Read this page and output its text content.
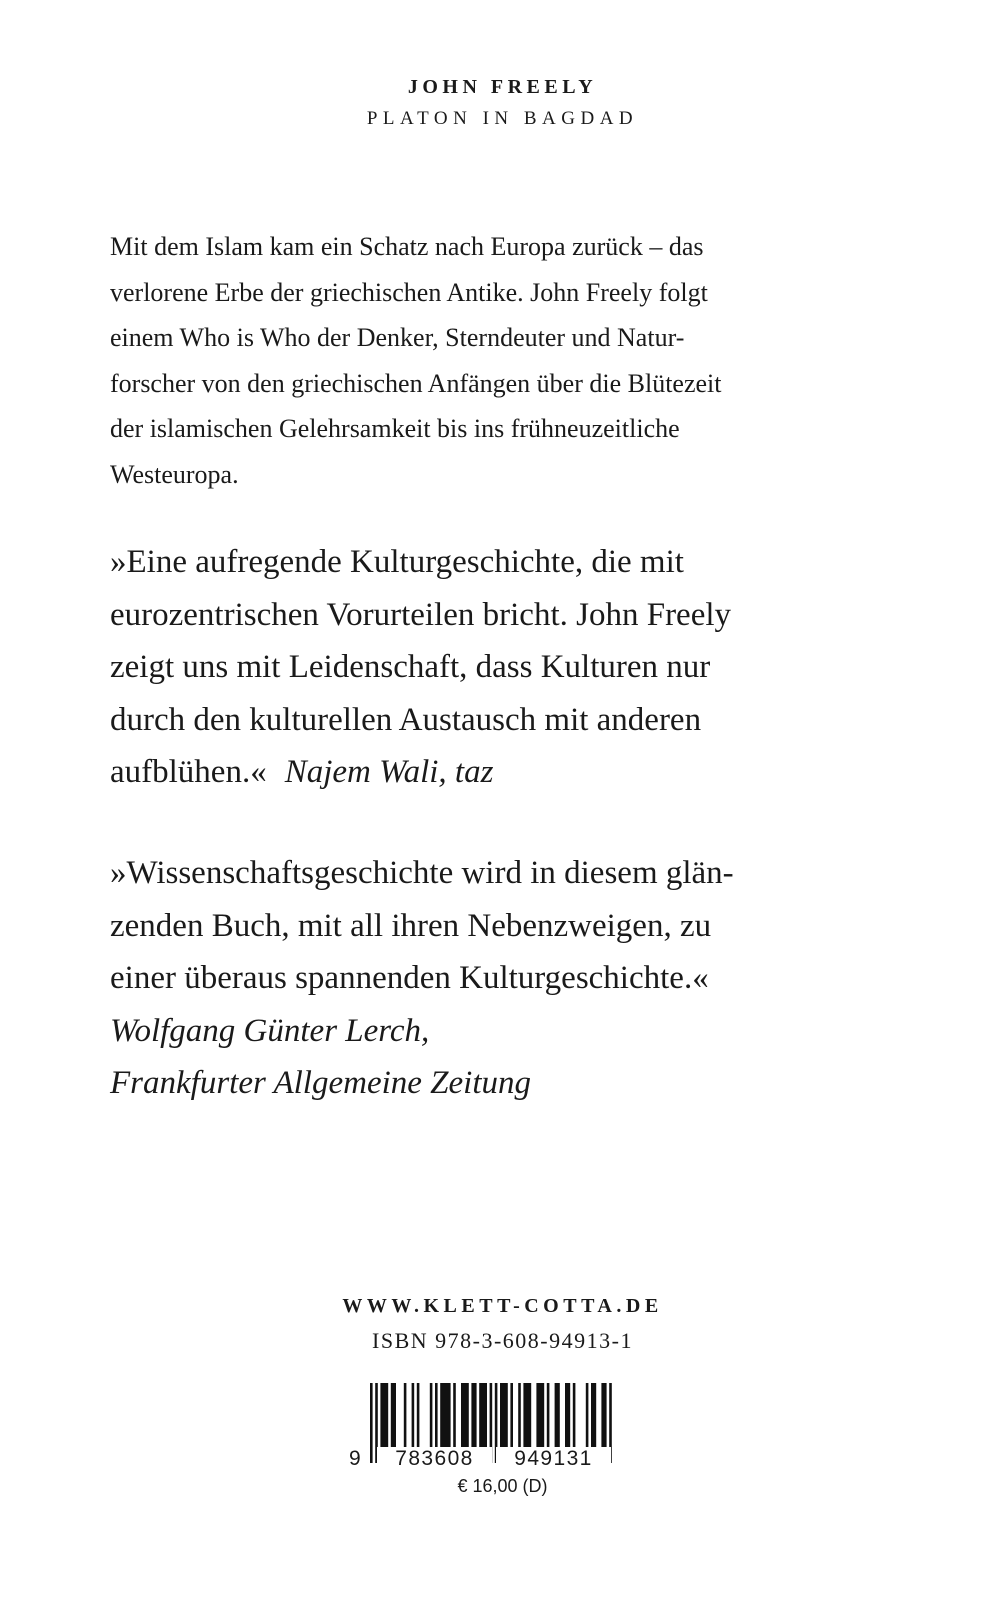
JOHN FREELY
PLATON IN BAGDAD

Mit dem Islam kam ein Schatz nach Europa zurück – das
verlorene Erbe der griechischen Antike. John Freely folgt
einem Who is Who der Denker, Sterndeuter und Natur-
forscher von den griechischen Anfängen über die Blütezeit
der islamischen Gelehrsamkeit bis ins frühneuzeitliche
Westeuropa.

»Eine aufregende Kulturgeschichte, die mit
eurozentrischen Vorurteilen bricht. John Freely
zeigt uns mit Leidenschaft, dass Kulturen nur
durch den kulturellen Austausch mit anderen
aufblühen.« Najem Wali, taz

»Wissenschaftsgeschichte wird in diesem glän-
zenden Buch, mit all ihren Nebenzweigen, zu
einer überaus spannenden Kulturgeschichte.«
Wolfgang Günter Lerch,
Frankfurter Allgemeine Zeitung

WWW.KLETT-COTTA.DE
ISBN 978-3-608-94913-1
9	783608	949131
€ 16,00 (D)
